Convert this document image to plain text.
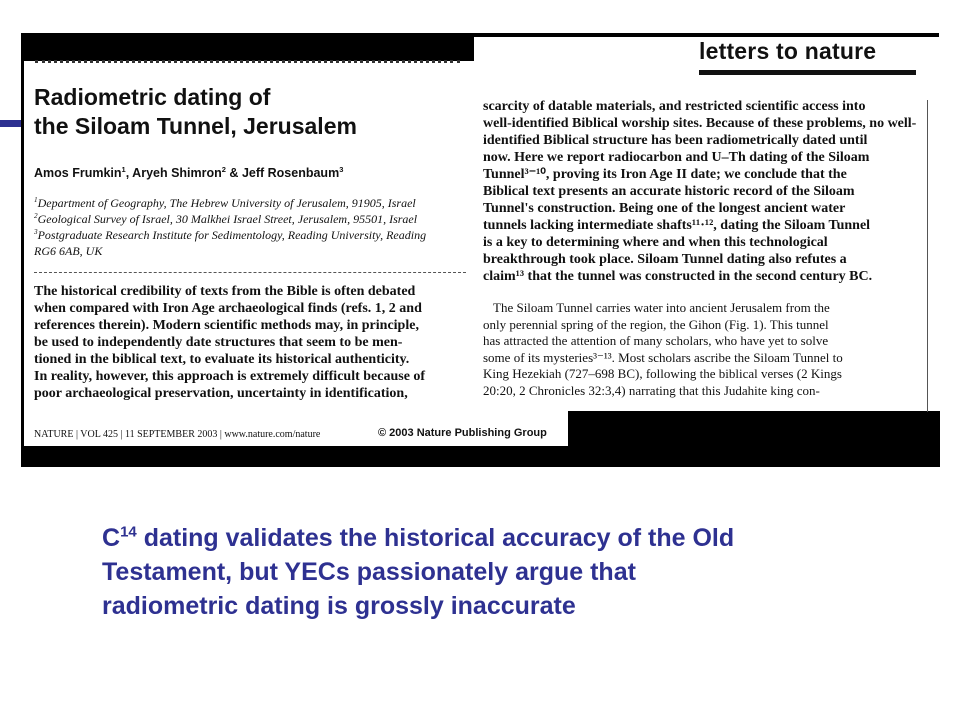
letters to nature
Radiometric dating of
the Siloam Tunnel, Jerusalem
Amos Frumkin$^1$, Aryeh Shimron$^2$ & Jeff Rosenbaum$^3$
$^1$Department of Geography, The Hebrew University of Jerusalem, 91905, Israel
$^2$Geological Survey of Israel, 30 Malkhei Israel Street, Jerusalem, 95501, Israel
$^3$Postgraduate Research Institute for Sedimentology, Reading University, Reading
RG6 6AB, UK
The historical credibility of texts from the Bible is often debated
when compared with Iron Age archaeological finds (refs. 1, 2 and
references therein). Modern scientific methods may, in principle,
be used to independently date structures that seem to be men-
tioned in the biblical text, to evaluate its historical authenticity.
In reality, however, this approach is extremely difficult because of
poor archaeological preservation, uncertainty in identification,
scarcity of datable materials, and restricted scientific access into
well-identified Biblical worship sites. Because of these problems, no well-
identified Biblical structure has been radiometrically dated until
now. Here we report radiocarbon and U–Th dating of the Siloam
Tunnel³⁻¹⁰, proving its Iron Age II date; we conclude that the
Biblical text presents an accurate historic record of the Siloam
Tunnel's construction. Being one of the longest ancient water
tunnels lacking intermediate shafts¹¹·¹², dating the Siloam Tunnel
is a key to determining where and when this technological
breakthrough took place. Siloam Tunnel dating also refutes a
claim¹³ that the tunnel was constructed in the second century BC.
The Siloam Tunnel carries water into ancient Jerusalem from the
only perennial spring of the region, the Gihon (Fig. 1). This tunnel
has attracted the attention of many scholars, who have yet to solve
some of its mysteries³⁻¹³. Most scholars ascribe the Siloam Tunnel to
King Hezekiah (727–698 BC), following the biblical verses (2 Kings
20:20, 2 Chronicles 32:3,4) narrating that this Judahite king con-
NATURE | VOL 425 | 11 SEPTEMBER 2003 | www.nature.com/nature	© 2003 Nature Publishing Group
$C^{14}$ dating validates the historical accuracy of the Old
Testament, but YECs passionately argue that
radiometric dating is grossly inaccurate
